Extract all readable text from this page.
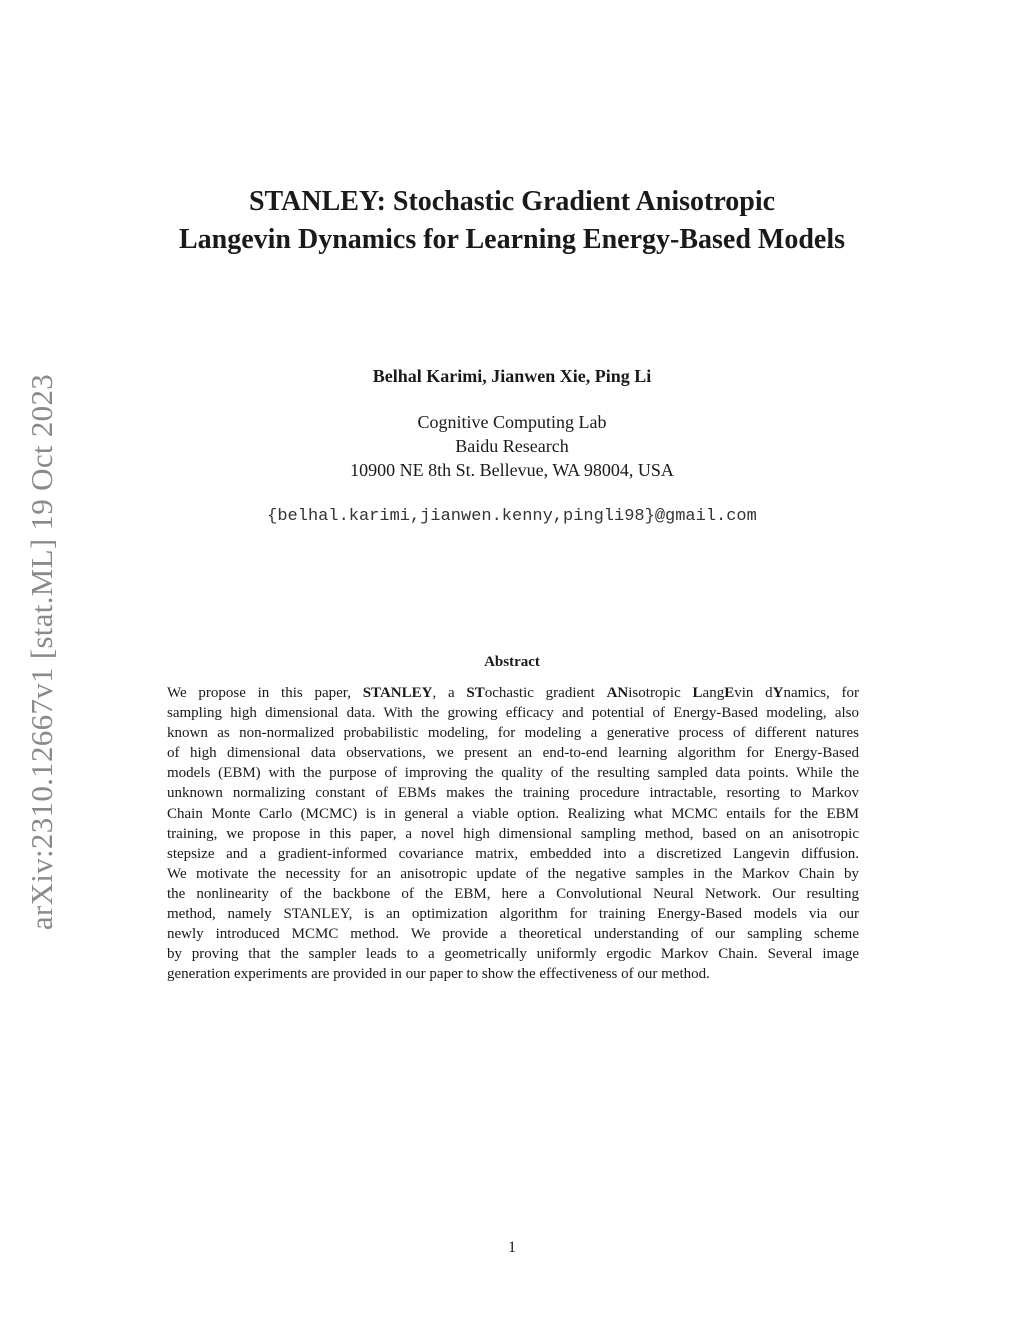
arXiv:2310.12667v1 [stat.ML] 19 Oct 2023
STANLEY: Stochastic Gradient Anisotropic
Langevin Dynamics for Learning Energy-Based Models
Belhal Karimi, Jianwen Xie, Ping Li
Cognitive Computing Lab
Baidu Research
10900 NE 8th St. Bellevue, WA 98004, USA
{belhal.karimi,jianwen.kenny,pingli98}@gmail.com
Abstract
We propose in this paper, STANLEY, a STochastic gradient ANisotropic LangEvin dYnamics, for
sampling high dimensional data. With the growing efficacy and potential of Energy-Based modeling, also
known as non-normalized probabilistic modeling, for modeling a generative process of different natures
of high dimensional data observations, we present an end-to-end learning algorithm for Energy-Based
models (EBM) with the purpose of improving the quality of the resulting sampled data points. While the
unknown normalizing constant of EBMs makes the training procedure intractable, resorting to Markov
Chain Monte Carlo (MCMC) is in general a viable option. Realizing what MCMC entails for the EBM
training, we propose in this paper, a novel high dimensional sampling method, based on an anisotropic
stepsize and a gradient-informed covariance matrix, embedded into a discretized Langevin diffusion.
We motivate the necessity for an anisotropic update of the negative samples in the Markov Chain by
the nonlinearity of the backbone of the EBM, here a Convolutional Neural Network. Our resulting
method, namely STANLEY, is an optimization algorithm for training Energy-Based models via our
newly introduced MCMC method. We provide a theoretical understanding of our sampling scheme
by proving that the sampler leads to a geometrically uniformly ergodic Markov Chain. Several image
generation experiments are provided in our paper to show the effectiveness of our method.
1
